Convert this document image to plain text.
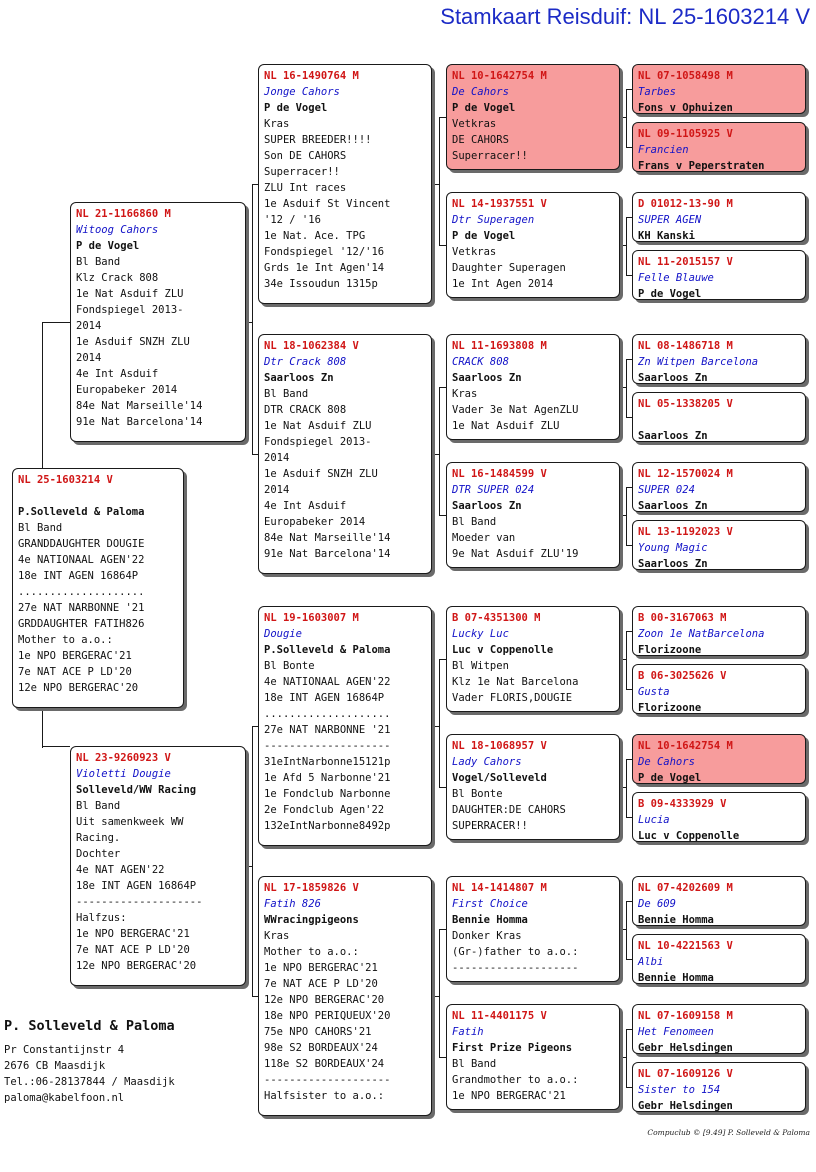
Stamkaart Reisduif: NL 25-1603214 V
NL 25-1603214 V
P.Solleveld & Paloma
Bl Band
GRANDDAUGHTER DOUGIE
4e NATIONAAL AGEN'22
18e INT AGEN 16864P
....................
27e NAT NARBONNE '21
GRDDAUGHTER FATIH826
Mother to a.o.:
1e NPO BERGERAC'21
7e NAT ACE P LD'20
12e NPO BERGERAC'20
NL 21-1166860 M
Witoog Cahors
P de Vogel
Bl Band
Klz Crack 808
1e Nat Asduif ZLU
Fondspiegel 2013-
2014
1e Asduif SNZH ZLU
2014
4e Int Asduif
Europabeker 2014
84e Nat Marseille'14
91e Nat Barcelona'14
NL 23-9260923 V
Violetti Dougie
Solleveld/WW Racing
Bl Band
Uit samenkweek WW
Racing.
Dochter
4e NAT AGEN'22
18e INT AGEN 16864P
--------------------
Halfzus:
1e NPO BERGERAC'21
7e NAT ACE P LD'20
12e NPO BERGERAC'20
NL 16-1490764 M
Jonge Cahors
P de Vogel
Kras
SUPER BREEDER!!!!
Son DE CAHORS
Superracer!!
ZLU Int races
1e Asduif St Vincent
'12 / '16
1e Nat. Ace. TPG
Fondspiegel '12/'16
Grds 1e Int Agen'14
34e Issoudun 1315p
NL 18-1062384 V
Dtr Crack 808
Saarloos Zn
Bl Band
DTR CRACK 808
1e Nat Asduif ZLU
Fondspiegel 2013-
2014
1e Asduif SNZH ZLU
2014
4e Int Asduif
Europabeker 2014
84e Nat Marseille'14
91e Nat Barcelona'14
NL 19-1603007 M
Dougie
P.Solleveld & Paloma
Bl Bonte
4e NATIONAAL AGEN'22
18e INT AGEN 16864P
....................
27e NAT NARBONNE '21
--------------------
31eIntNarbonne15121p
1e Afd 5 Narbonne'21
1e Fondclub Narbonne
2e Fondclub Agen'22
132eIntNarbonne8492p
NL 17-1859826 V
Fatih 826
WWracingpigeons
Kras
Mother to a.o.:
1e NPO BERGERAC'21
7e NAT ACE P LD'20
12e NPO BERGERAC'20
18e NPO PERIQUEUX'20
75e NPO CAHORS'21
98e S2 BORDEAUX'24
118e S2 BORDEAUX'24
--------------------
Halfsister to a.o.:
NL 10-1642754 M
De Cahors
P de Vogel
Vetkras
DE CAHORS
Superracer!!
NL 14-1937551 V
Dtr Superagen
P de Vogel
Vetkras
Daughter Superagen
1e Int Agen 2014
NL 11-1693808 M
CRACK 808
Saarloos Zn
Kras
Vader 3e Nat AgenZLU
1e Nat Asduif ZLU
NL 16-1484599 V
DTR SUPER 024
Saarloos Zn
Bl Band
Moeder van
9e Nat Asduif ZLU'19
B 07-4351300 M
Lucky Luc
Luc v Coppenolle
Bl Witpen
Klz 1e Nat Barcelona
Vader FLORIS,DOUGIE
NL 18-1068957 V
Lady Cahors
Vogel/Solleveld
Bl Bonte
DAUGHTER:DE CAHORS
SUPERRACER!!
NL 14-1414807 M
First Choice
Bennie Homma
Donker Kras
(Gr-)father to a.o.:
--------------------
NL 11-4401175 V
Fatih
First Prize Pigeons
Bl Band
Grandmother to a.o.:
1e NPO BERGERAC'21
NL 07-1058498 M
Tarbes
Fons v Ophuizen
NL 09-1105925 V
Francien
Frans v Peperstraten
D 01012-13-90 M
SUPER AGEN
KH Kanski
NL 11-2015157 V
Felle Blauwe
P de Vogel
NL 08-1486718 M
Zn Witpen Barcelona
Saarloos Zn
NL 05-1338205 V
Saarloos Zn
NL 12-1570024 M
SUPER 024
Saarloos Zn
NL 13-1192023 V
Young Magic
Saarloos Zn
B 00-3167063 M
Zoon 1e NatBarcelona
Florizoone
B 06-3025626 V
Gusta
Florizoone
NL 10-1642754 M
De Cahors
P de Vogel
B 09-4333929 V
Lucia
Luc v Coppenolle
NL 07-4202609 M
De 609
Bennie Homma
NL 10-4221563 V
Albi
Bennie Homma
NL 07-1609158 M
Het Fenomeen
Gebr Helsdingen
NL 07-1609126 V
Sister to 154
Gebr Helsdingen
P. Solleveld & Paloma
Pr Constantijnstr 4
2676 CB Maasdijk
Tel.:06-28137844 / Maasdijk
paloma@kabelfoon.nl
Compuclub © [9.49] P. Solleveld & Paloma
